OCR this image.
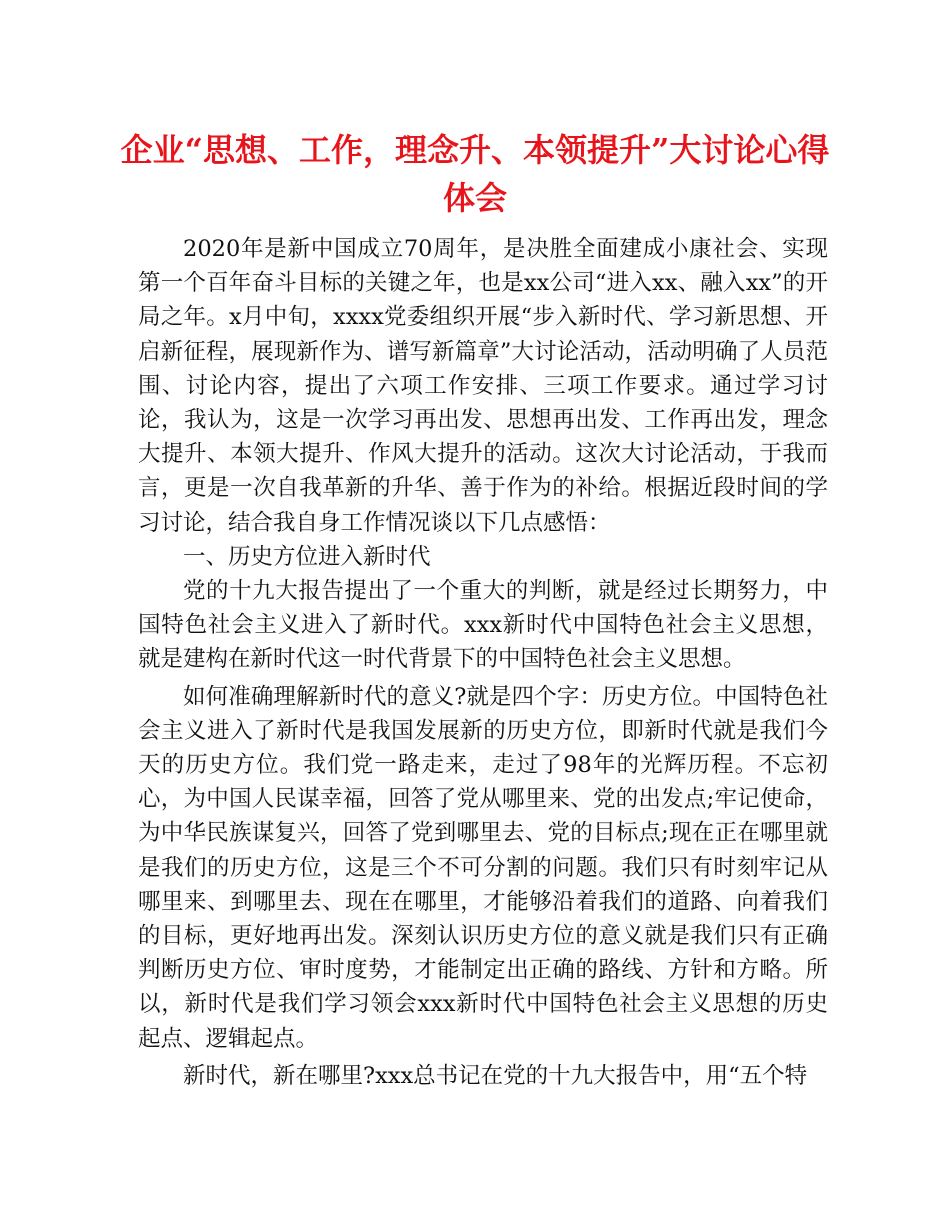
企业“思想、工作，理念升、本领提升”大讨论心得体会

2020年是新中国成立70周年，是决胜全面建成小康社会、实现第一个百年奋斗目标的关键之年，也是xx公司“进入xx、融入xx”的开局之年。x月中旬，xxxx党委组织开展“步入新时代、学习新思想、开启新征程，展现新作为、谱写新篇章”大讨论活动，活动明确了人员范围、讨论内容，提出了六项工作安排、三项工作要求。通过学习讨论，我认为，这是一次学习再出发、思想再出发、工作再出发，理念大提升、本领大提升、作风大提升的活动。这次大讨论活动，于我而言，更是一次自我革新的升华、善于作为的补给。根据近段时间的学习讨论，结合我自身工作情况谈以下几点感悟：

一、历史方位进入新时代

党的十九大报告提出了一个重大的判断，就是经过长期努力，中国特色社会主义进入了新时代。xxx新时代中国特色社会主义思想，就是建构在新时代这一时代背景下的中国特色社会主义思想。

如何准确理解新时代的意义?就是四个字：历史方位。中国特色社会主义进入了新时代是我国发展新的历史方位，即新时代就是我们今天的历史方位。我们党一路走来，走过了98年的光辉历程。不忘初心，为中国人民谋幸福，回答了党从哪里来、党的出发点;牢记使命，为中华民族谋复兴，回答了党到哪里去、党的目标点;现在正在哪里就是我们的历史方位，这是三个不可分割的问题。我们只有时刻牢记从哪里来、到哪里去、现在在哪里，才能够沿着我们的道路、向着我们的目标，更好地再出发。深刻认识历史方位的意义就是我们只有正确判断历史方位、审时度势，才能制定出正确的路线、方针和方略。所以，新时代是我们学习领会xxx新时代中国特色社会主义思想的历史起点、逻辑起点。

新时代，新在哪里?xxx总书记在党的十九大报告中，用“五个特
